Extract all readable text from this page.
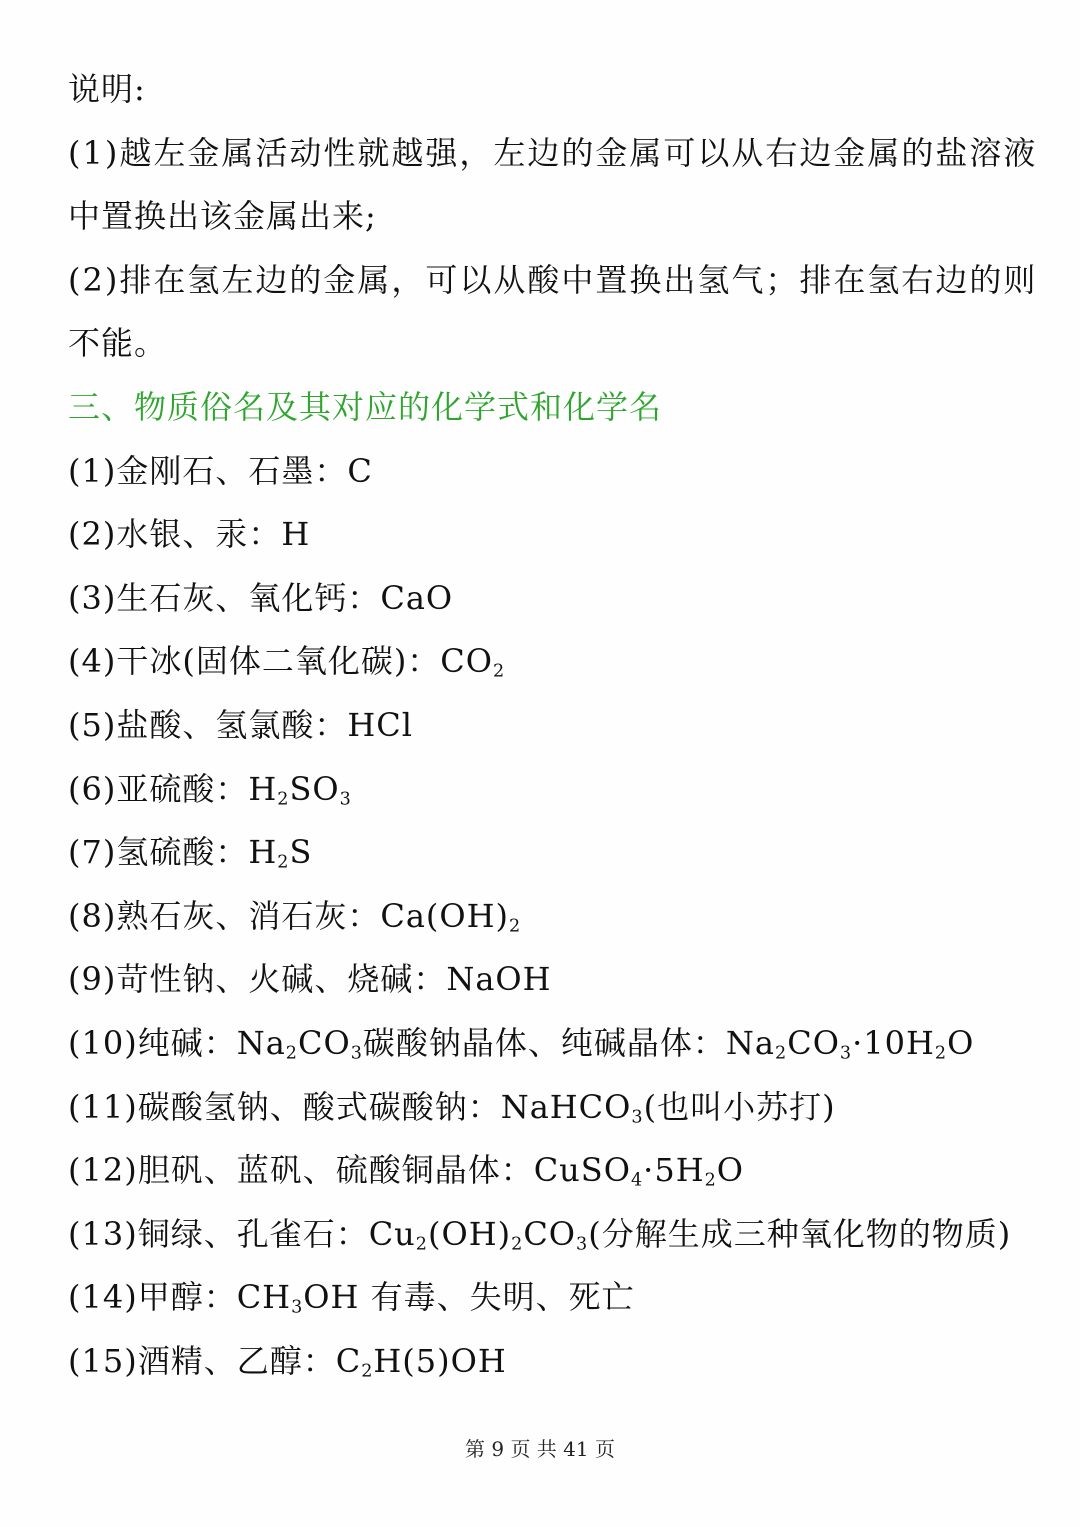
说明:
(1)越左金属活动性就越强，左边的金属可以从右边金属的盐溶液
中置换出该金属出来;
(2)排在氢左边的金属，可以从酸中置换出氢气；排在氢右边的则
不能。
三、物质俗名及其对应的化学式和化学名
(1)金刚石、石墨：C
(2)水银、汞：H
(3)生石灰、氧化钙：CaO
(4)干冰(固体二氧化碳)：$CO_2$
(5)盐酸、氢氯酸：HCl
(6)亚硫酸：$H_2SO_3$
(7)氢硫酸：$H_2S$
(8)熟石灰、消石灰：$Ca(OH)_2$
(9)苛性钠、火碱、烧碱：NaOH
(10)纯碱：$Na_2CO_3$碳酸钠晶体、纯碱晶体：$Na_2CO_3\cdot 10H_2O$
(11)碳酸氢钠、酸式碳酸钠：NaHCO$_3$(也叫小苏打)
(12)胆矾、蓝矾、硫酸铜晶体：$CuSO_4\cdot 5H_2O$
(13)铜绿、孔雀石：$Cu_2(OH)_2CO_3$(分解生成三种氧化物的物质)
(14)甲醇：$CH_3OH$ 有毒、失明、死亡
(15)酒精、乙醇：$C_2H(5)OH$
第 9 页 共 41 页
